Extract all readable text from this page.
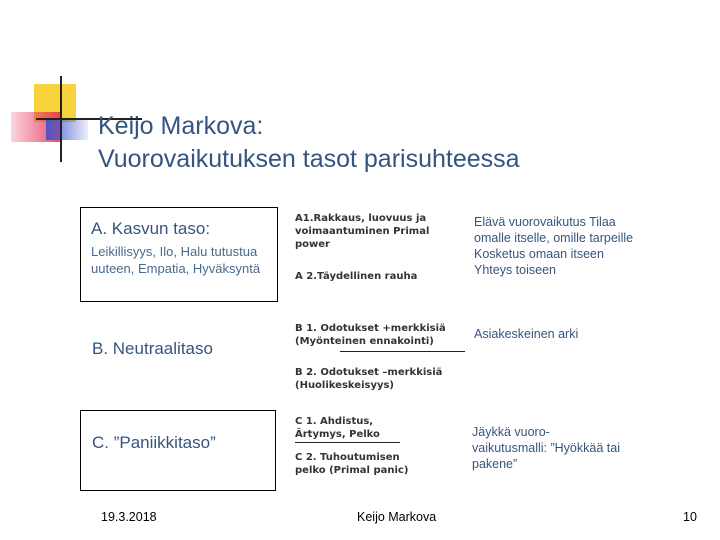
Keijo Markova:
Vuorovaikutuksen tasot parisuhteessa
A. Kasvun taso:
Leikillisyys, Ilo, Halu tutustua uuteen, Empatia, Hyväksyntä
B. Neutraalitaso
C. ”Paniikkitaso”
A1.Rakkaus, luovuus ja voimaantuminen Primal power
A 2.Täydellinen rauha
B 1. Odotukset +merkkisiä (Myönteinen ennakointi)
B 2. Odotukset –merkkisiä (Huolikeskeisyys)
C 1. Ahdistus, Ärtymys, Pelko
C 2. Tuhoutumisen pelko (Primal panic)
Elävä vuorovaikutus Tilaa omalle itselle, omille tarpeille Kosketus omaan itseen Yhteys toiseen
Asiakeskeinen arki
Jäykkä vuoro-vaikutusmalli: ”Hyökkää tai pakene”
19.3.2018	Keijo Markova	10
